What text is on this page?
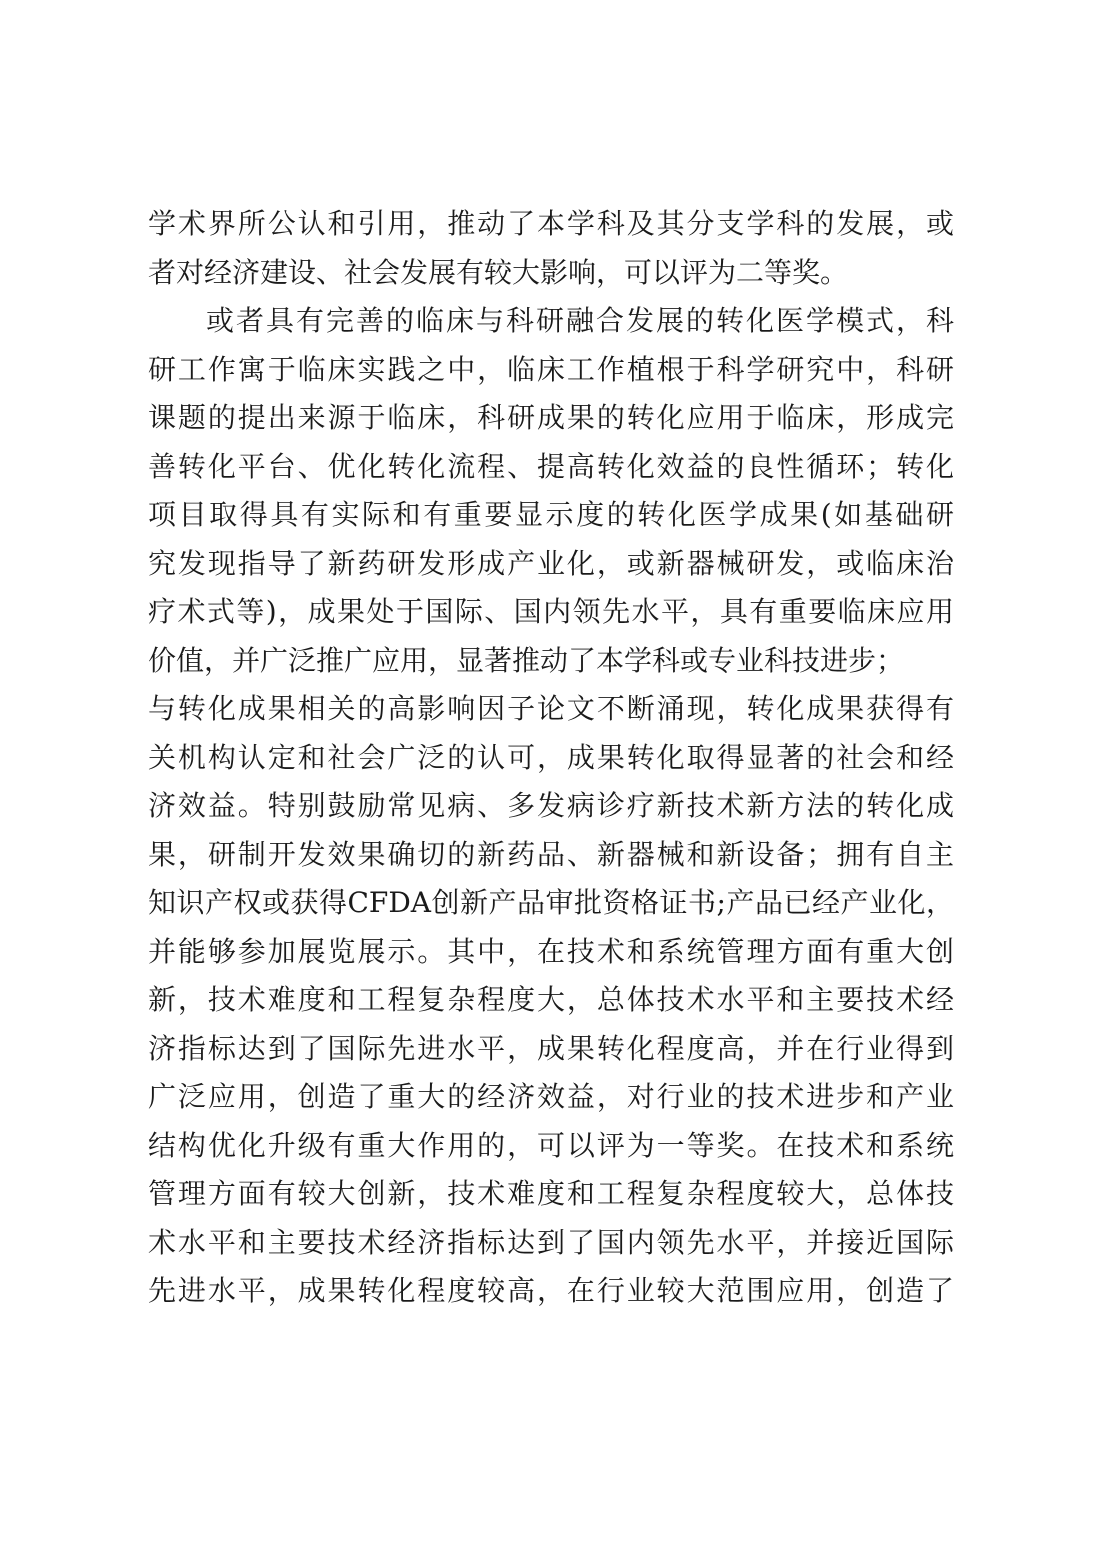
学术界所公认和引用，推动了本学科及其分支学科的发展，或
者对经济建设、社会发展有较大影响，可以评为二等奖。
或者具有完善的临床与科研融合发展的转化医学模式，科
研工作寓于临床实践之中，临床工作植根于科学研究中，科研
课题的提出来源于临床，科研成果的转化应用于临床，形成完
善转化平台、优化转化流程、提高转化效益的良性循环；转化
项目取得具有实际和有重要显示度的转化医学成果(如基础研
究发现指导了新药研发形成产业化，或新器械研发，或临床治
疗术式等)，成果处于国际、国内领先水平，具有重要临床应用
价值，并广泛推广应用，显著推动了本学科或专业科技进步；
与转化成果相关的高影响因子论文不断涌现，转化成果获得有
关机构认定和社会广泛的认可，成果转化取得显著的社会和经
济效益。特别鼓励常见病、多发病诊疗新技术新方法的转化成
果，研制开发效果确切的新药品、新器械和新设备；拥有自主
知识产权或获得CFDA创新产品审批资格证书;产品已经产业化，
并能够参加展览展示。其中，在技术和系统管理方面有重大创
新，技术难度和工程复杂程度大，总体技术水平和主要技术经
济指标达到了国际先进水平，成果转化程度高，并在行业得到
广泛应用，创造了重大的经济效益，对行业的技术进步和产业
结构优化升级有重大作用的，可以评为一等奖。在技术和系统
管理方面有较大创新，技术难度和工程复杂程度较大，总体技
术水平和主要技术经济指标达到了国内领先水平，并接近国际
先进水平，成果转化程度较高，在行业较大范围应用，创造了
